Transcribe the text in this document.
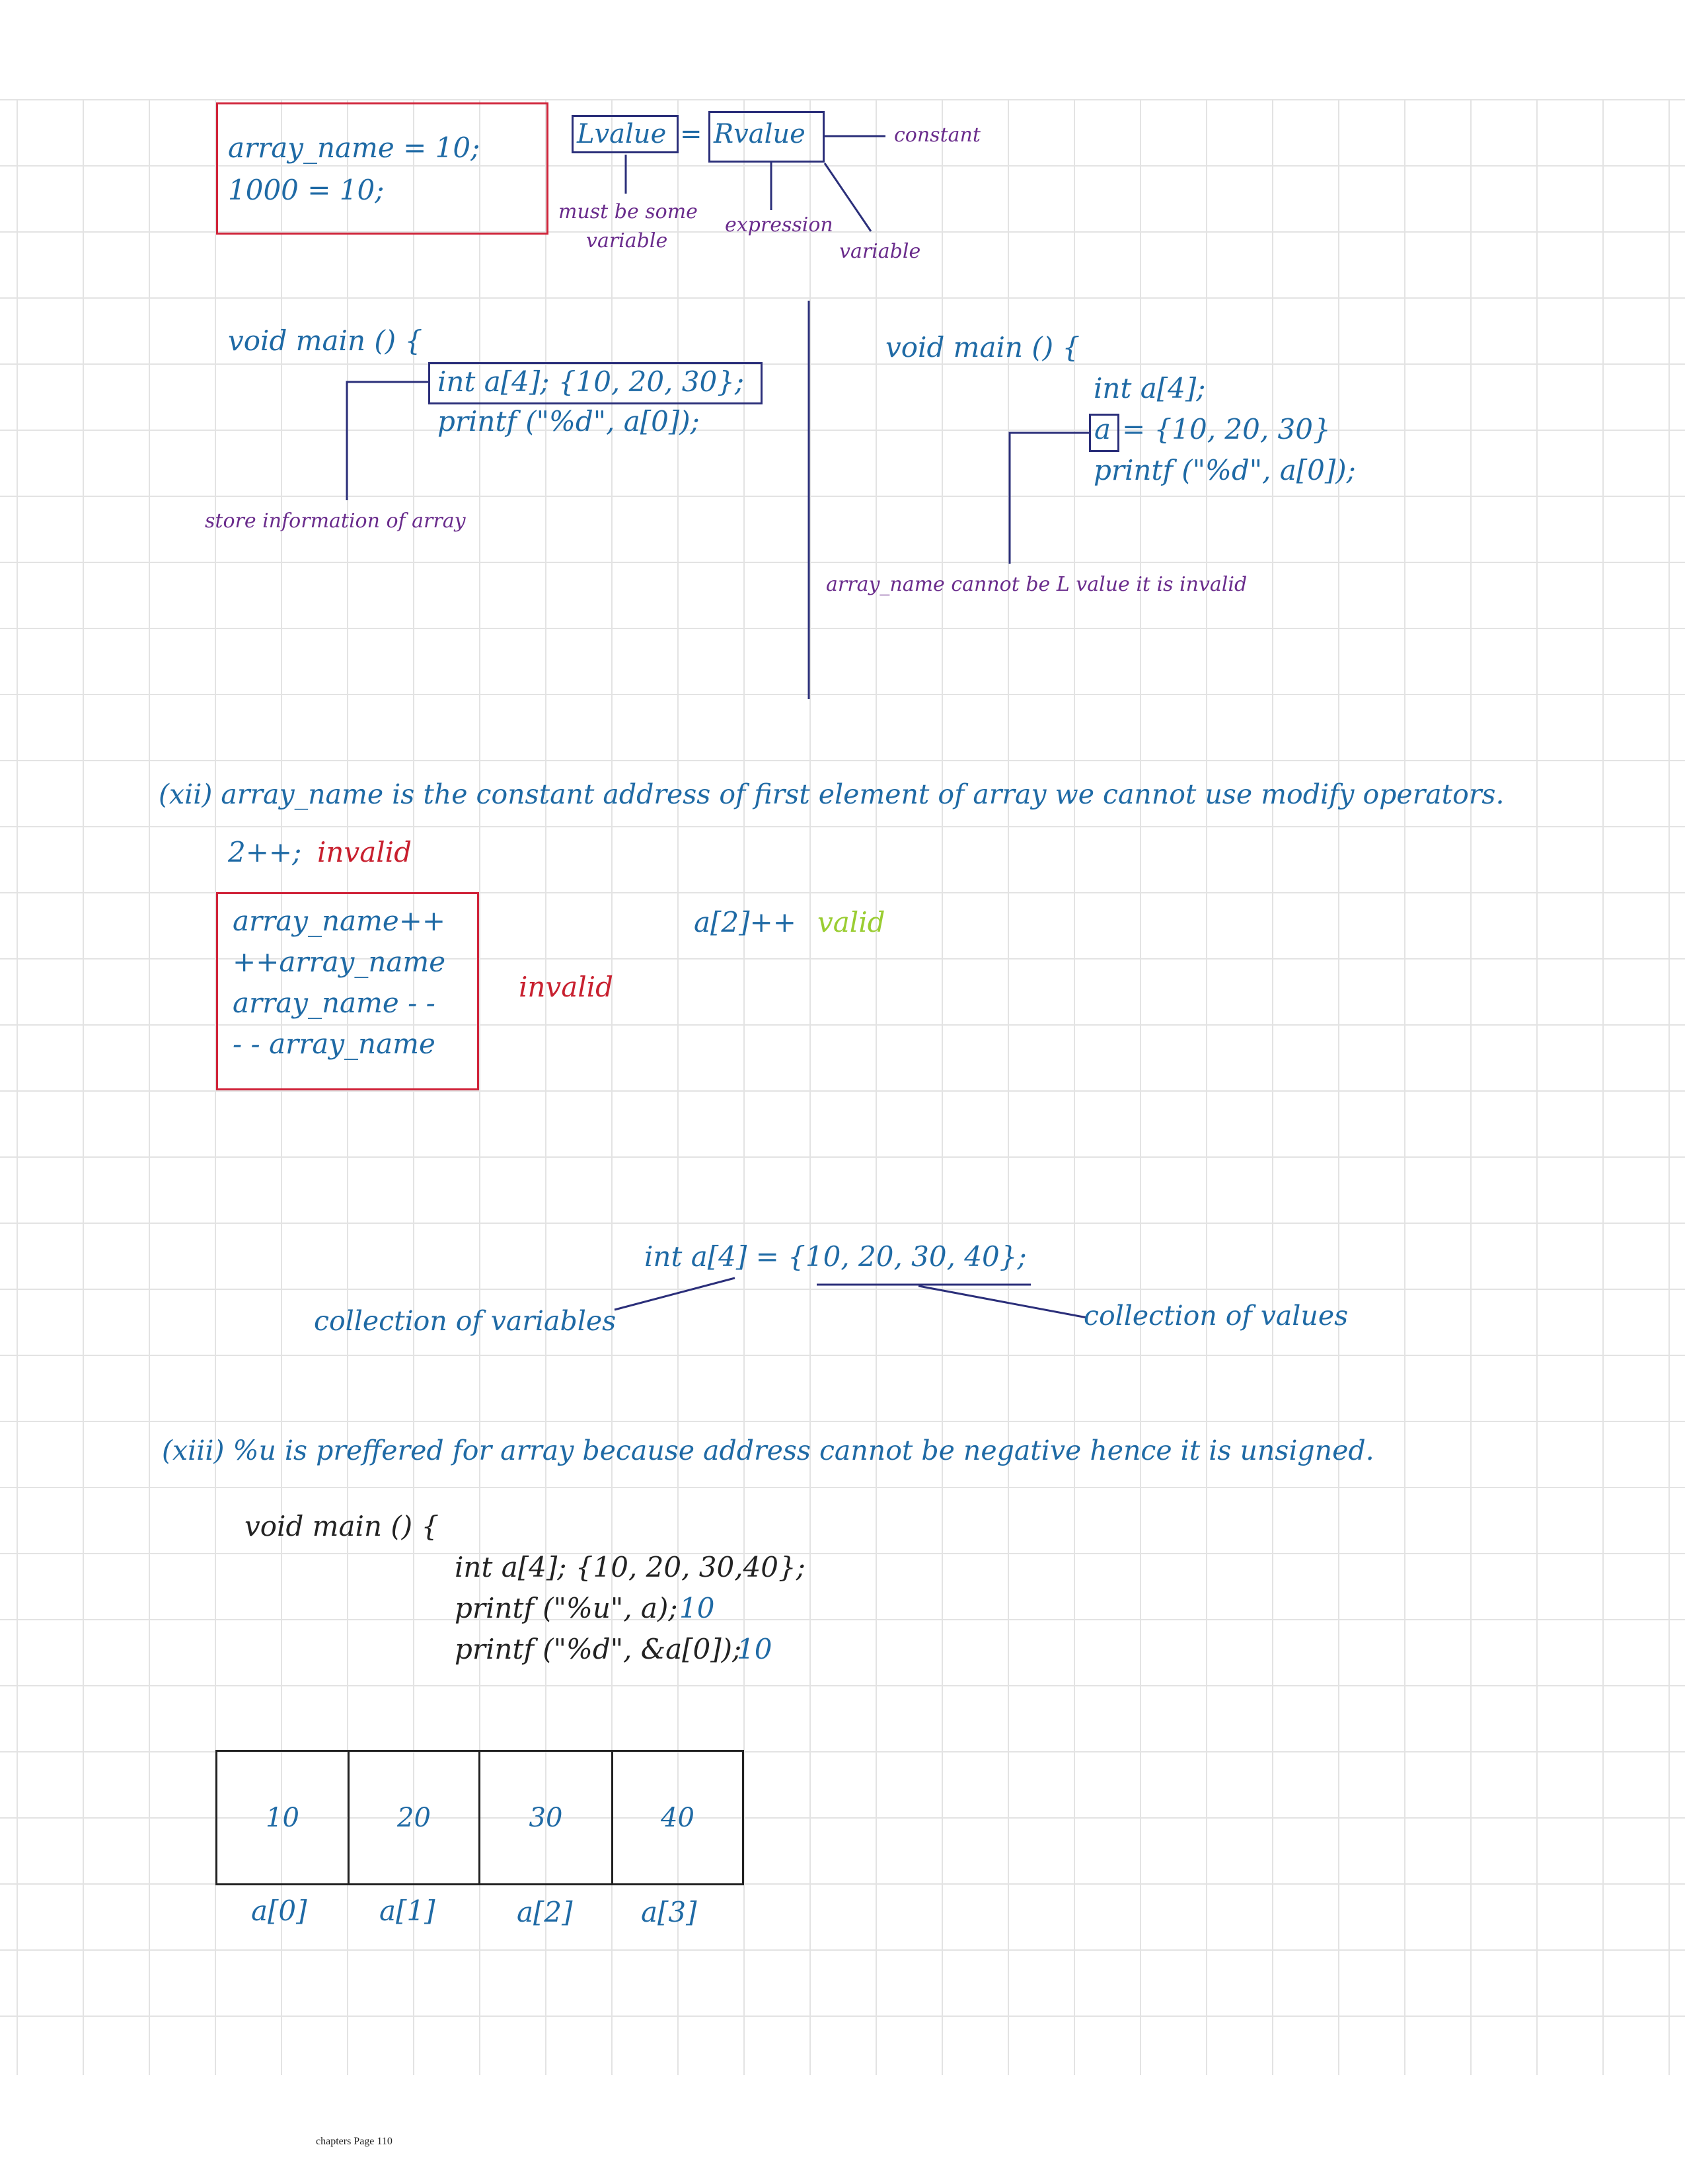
array_name = 10;
1000 = 10;
Lvalue = Rvalue	constant
must be some
variable
expression
variable
void main () {
int a[4]; {10, 20, 30};
printf ("%d", a[0]);
store information of array
void main () {
int a[4];
a = {10, 20, 30}
printf ("%d", a[0]);
array_name cannot be L value it is invalid
(xii) array_name is the constant address of first element of array we cannot use modify operators.
2++; invalid
array_name++
++array_name
array_name - -
- - array_name
invalid
a[2]++ valid
int a[4] = {10, 20, 30, 40};
collection of variables	collection of values
(xiii) %u is preffered for array because address cannot be negative hence it is unsigned.
void main () {
int a[4]; {10, 20, 30,40};
printf ("%u", a); 10
printf ("%d", &a[0]);
10
10	20	30	40
a[0]	a[1]	a[2] a[3]
chapters Page 110
